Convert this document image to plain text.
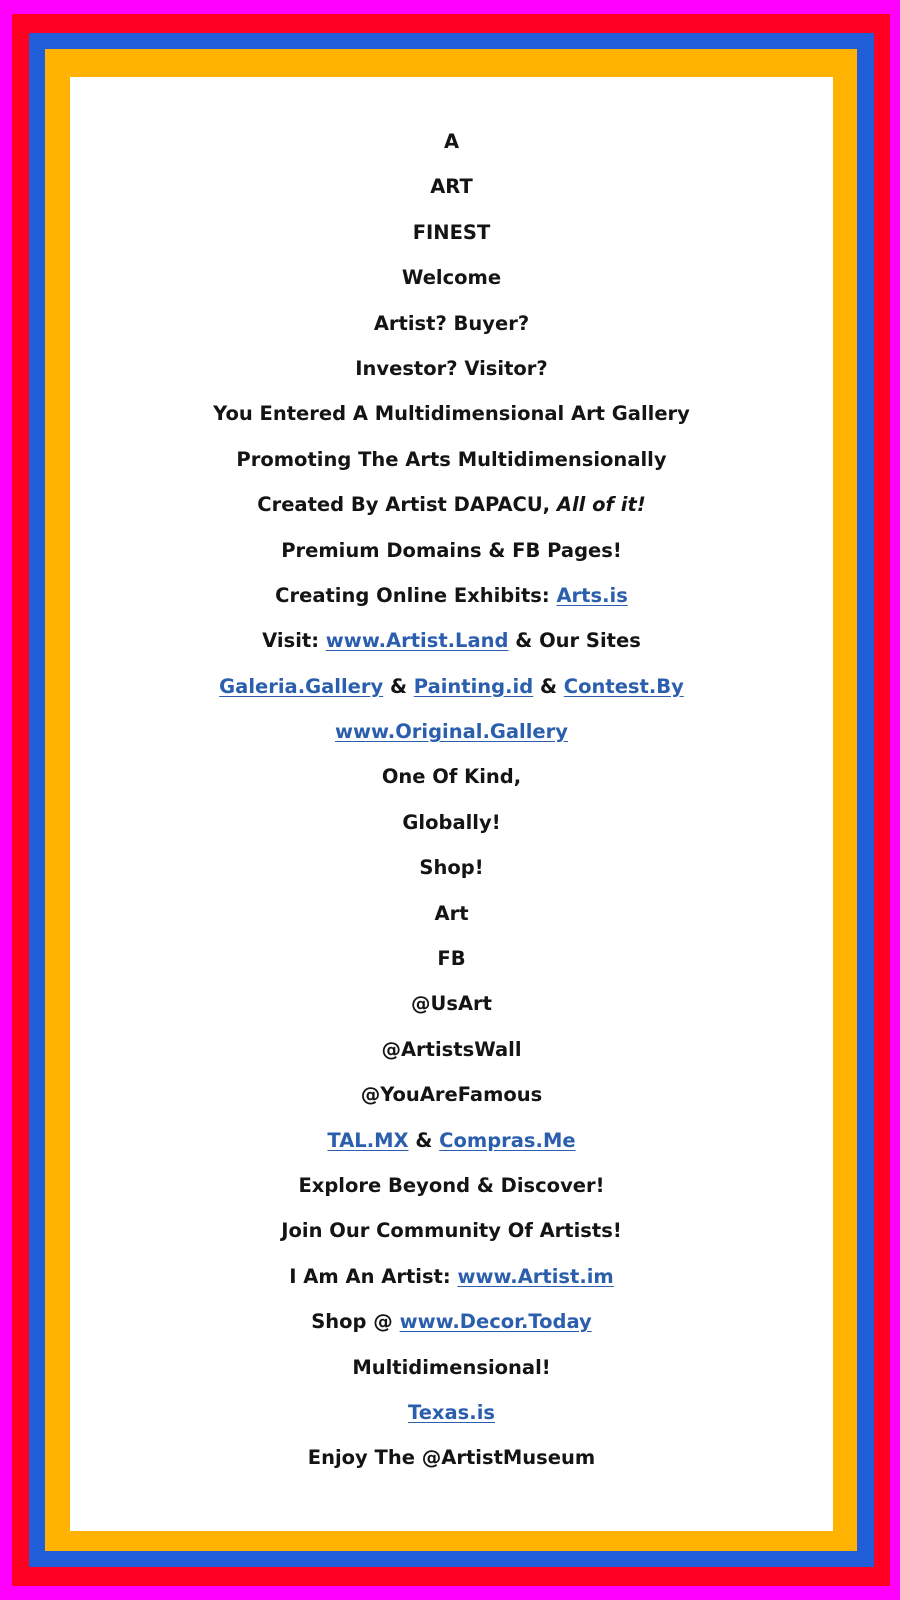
A
ART
FINEST
Welcome
Artist? Buyer?
Investor? Visitor?
You Entered A Multidimensional Art Gallery
Promoting The Arts Multidimensionally
Created By Artist DAPACU, All of it!
Premium Domains & FB Pages!
Creating Online Exhibits: Arts.is
Visit: www.Artist.Land & Our Sites
Galeria.Gallery & Painting.id & Contest.By
www.Original.Gallery
One Of Kind,
Globally!
Shop!
Art
FB
@UsArt
@ArtistsWall
@YouAreFamous
TAL.MX & Compras.Me
Explore Beyond & Discover!
Join Our Community Of Artists!
I Am An Artist: www.Artist.im
Shop @ www.Decor.Today
Multidimensional!
Texas.is
Enjoy The @ArtistMuseum
